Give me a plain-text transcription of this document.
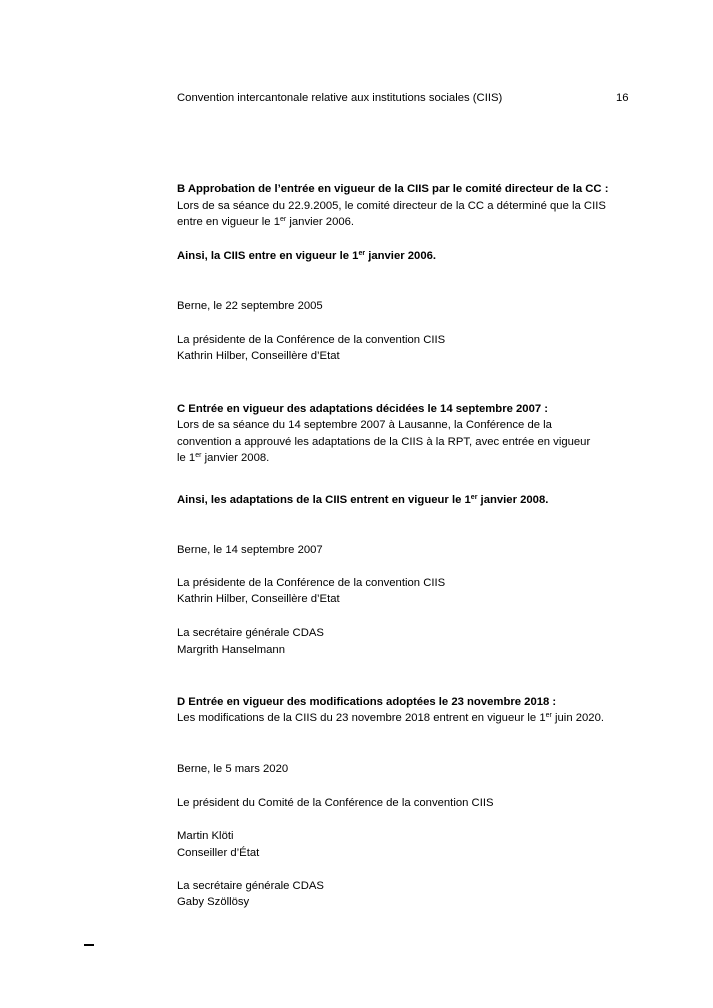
Convention intercantonale relative aux institutions sociales (CIIS)	16
B Approbation de l’entrée en vigueur de la CIIS par le comité directeur de la CC :
Lors de sa séance du 22.9.2005, le comité directeur de la CC a déterminé que la CIIS
entre en vigueur le 1er janvier 2006.
Ainsi, la CIIS entre en vigueur le 1er janvier 2006.
Berne, le 22 septembre 2005
La présidente de la Conférence de la convention CIIS
Kathrin Hilber, Conseillère d’Etat
C Entrée en vigueur des adaptations décidées le 14 septembre 2007 :
Lors de sa séance du 14 septembre 2007 à Lausanne, la Conférence de la
convention a approuvé les adaptations de la CIIS à la RPT, avec entrée en vigueur
le 1er janvier 2008.
Ainsi, les adaptations de la CIIS entrent en vigueur le 1er janvier 2008.
Berne, le 14 septembre 2007
La présidente de la Conférence de la convention CIIS
Kathrin Hilber, Conseillère d’Etat
La secrétaire générale CDAS
Margrith Hanselmann
D Entrée en vigueur des modifications adoptées le 23 novembre 2018 :
Les modifications de la CIIS du 23 novembre 2018 entrent en vigueur le 1er juin 2020.
Berne, le 5 mars 2020
Le président du Comité de la Conférence de la convention CIIS
Martin Klöti
Conseiller d’État
La secrétaire générale CDAS
Gaby Szöllösy
